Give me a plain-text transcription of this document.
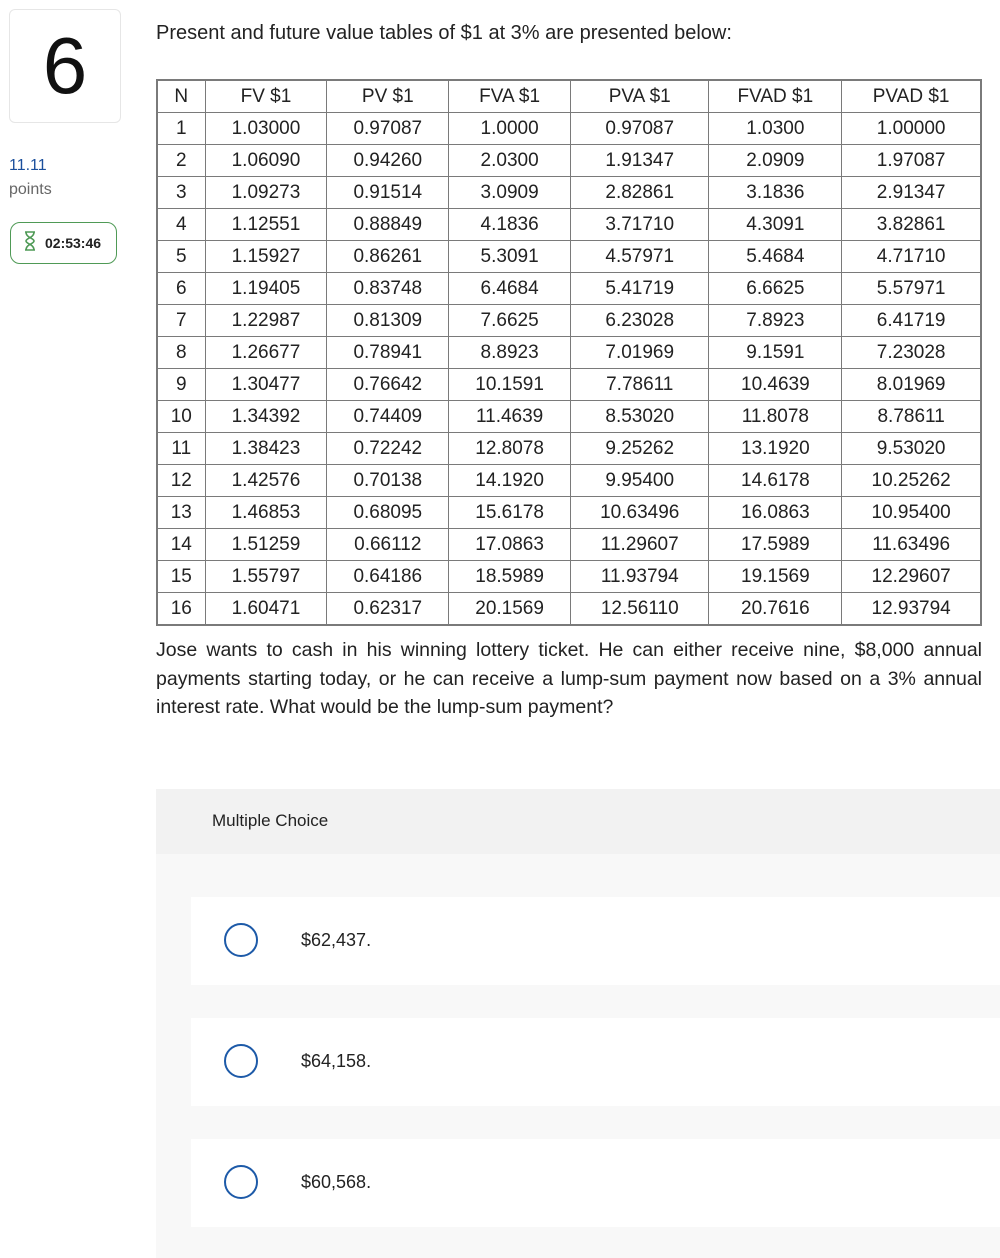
6
11.11
points
02:53:46
Present and future value tables of $1 at 3% are presented below:
N	FV $1	PV $1	FVA $1	PVA $1	FVAD $1	PVAD $1
1	1.03000	0.97087	1.0000	0.97087	1.0300	1.00000
2	1.06090	0.94260	2.0300	1.91347	2.0909	1.97087
3	1.09273	0.91514	3.0909	2.82861	3.1836	2.91347
4	1.12551	0.88849	4.1836	3.71710	4.3091	3.82861
5	1.15927	0.86261	5.3091	4.57971	5.4684	4.71710
6	1.19405	0.83748	6.4684	5.41719	6.6625	5.57971
7	1.22987	0.81309	7.6625	6.23028	7.8923	6.41719
8	1.26677	0.78941	8.8923	7.01969	9.1591	7.23028
9	1.30477	0.76642	10.1591	7.78611	10.4639	8.01969
10	1.34392	0.74409	11.4639	8.53020	11.8078	8.78611
11	1.38423	0.72242	12.8078	9.25262	13.1920	9.53020
12	1.42576	0.70138	14.1920	9.95400	14.6178	10.25262
13	1.46853	0.68095	15.6178	10.63496	16.0863	10.95400
14	1.51259	0.66112	17.0863	11.29607	17.5989	11.63496
15	1.55797	0.64186	18.5989	11.93794	19.1569	12.29607
16	1.60471	0.62317	20.1569	12.56110	20.7616	12.93794
Jose wants to cash in his winning lottery ticket. He can either receive nine, $8,000 annual payments starting today, or he can receive a lump-sum payment now based on a 3% annual interest rate. What would be the lump-sum payment?
Multiple Choice
$62,437.
$64,158.
$60,568.
